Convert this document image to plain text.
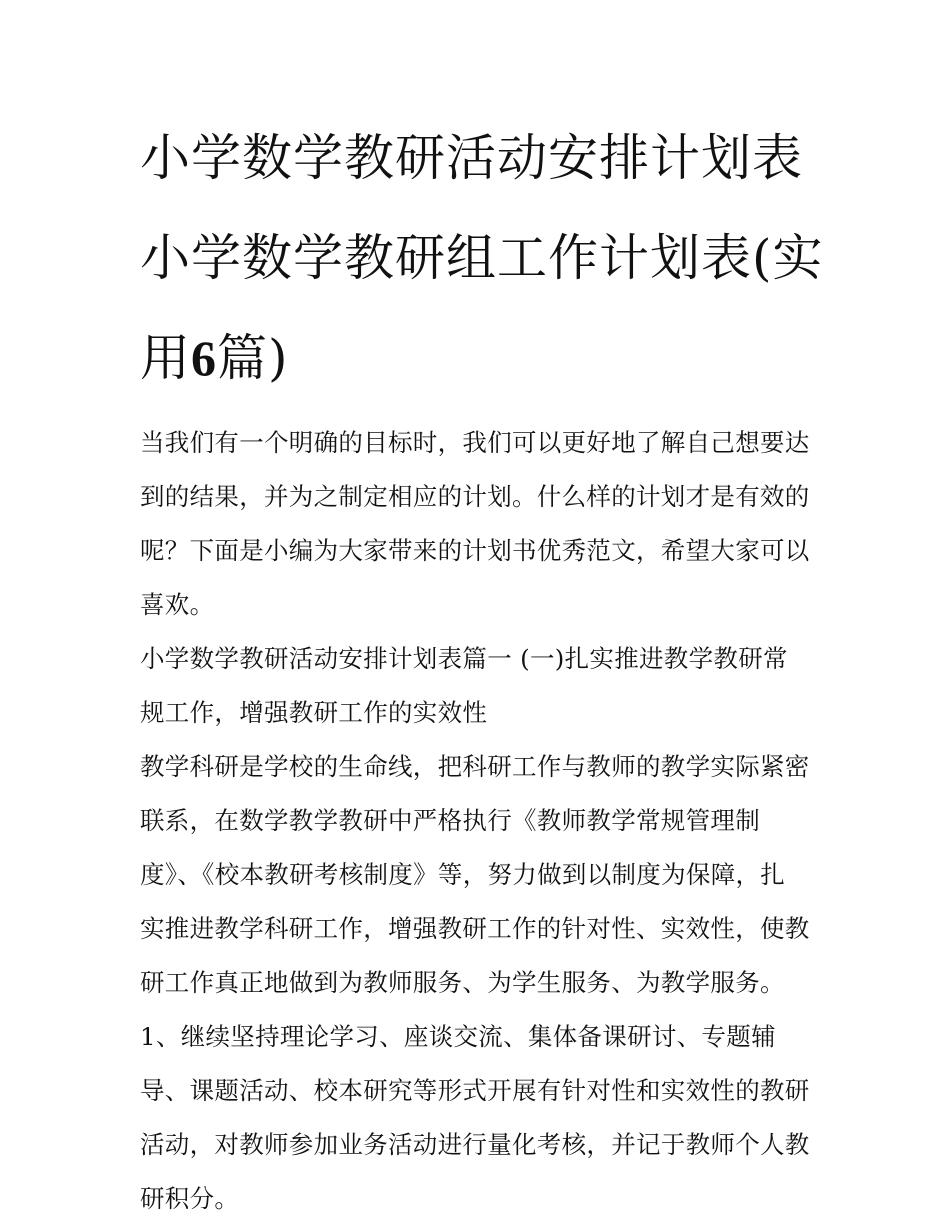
小学数学教研活动安排计划表
小学数学教研组工作计划表(实
用6篇)

当我们有一个明确的目标时，我们可以更好地了解自己想要达
到的结果，并为之制定相应的计划。什么样的计划才是有效的
呢？下面是小编为大家带来的计划书优秀范文，希望大家可以
喜欢。

小学数学教研活动安排计划表篇一 (一)扎实推进教学教研常
规工作，增强教研工作的实效性

教学科研是学校的生命线，把科研工作与教师的教学实际紧密
联系，在数学教学教研中严格执行《教师教学常规管理制
度》、《校本教研考核制度》等，努力做到以制度为保障，扎
实推进教学科研工作，增强教研工作的针对性、实效性，使教
研工作真正地做到为教师服务、为学生服务、为教学服务。

1、继续坚持理论学习、座谈交流、集体备课研讨、专题辅
导、课题活动、校本研究等形式开展有针对性和实效性的教研
活动，对教师参加业务活动进行量化考核，并记于教师个人教
研积分。
